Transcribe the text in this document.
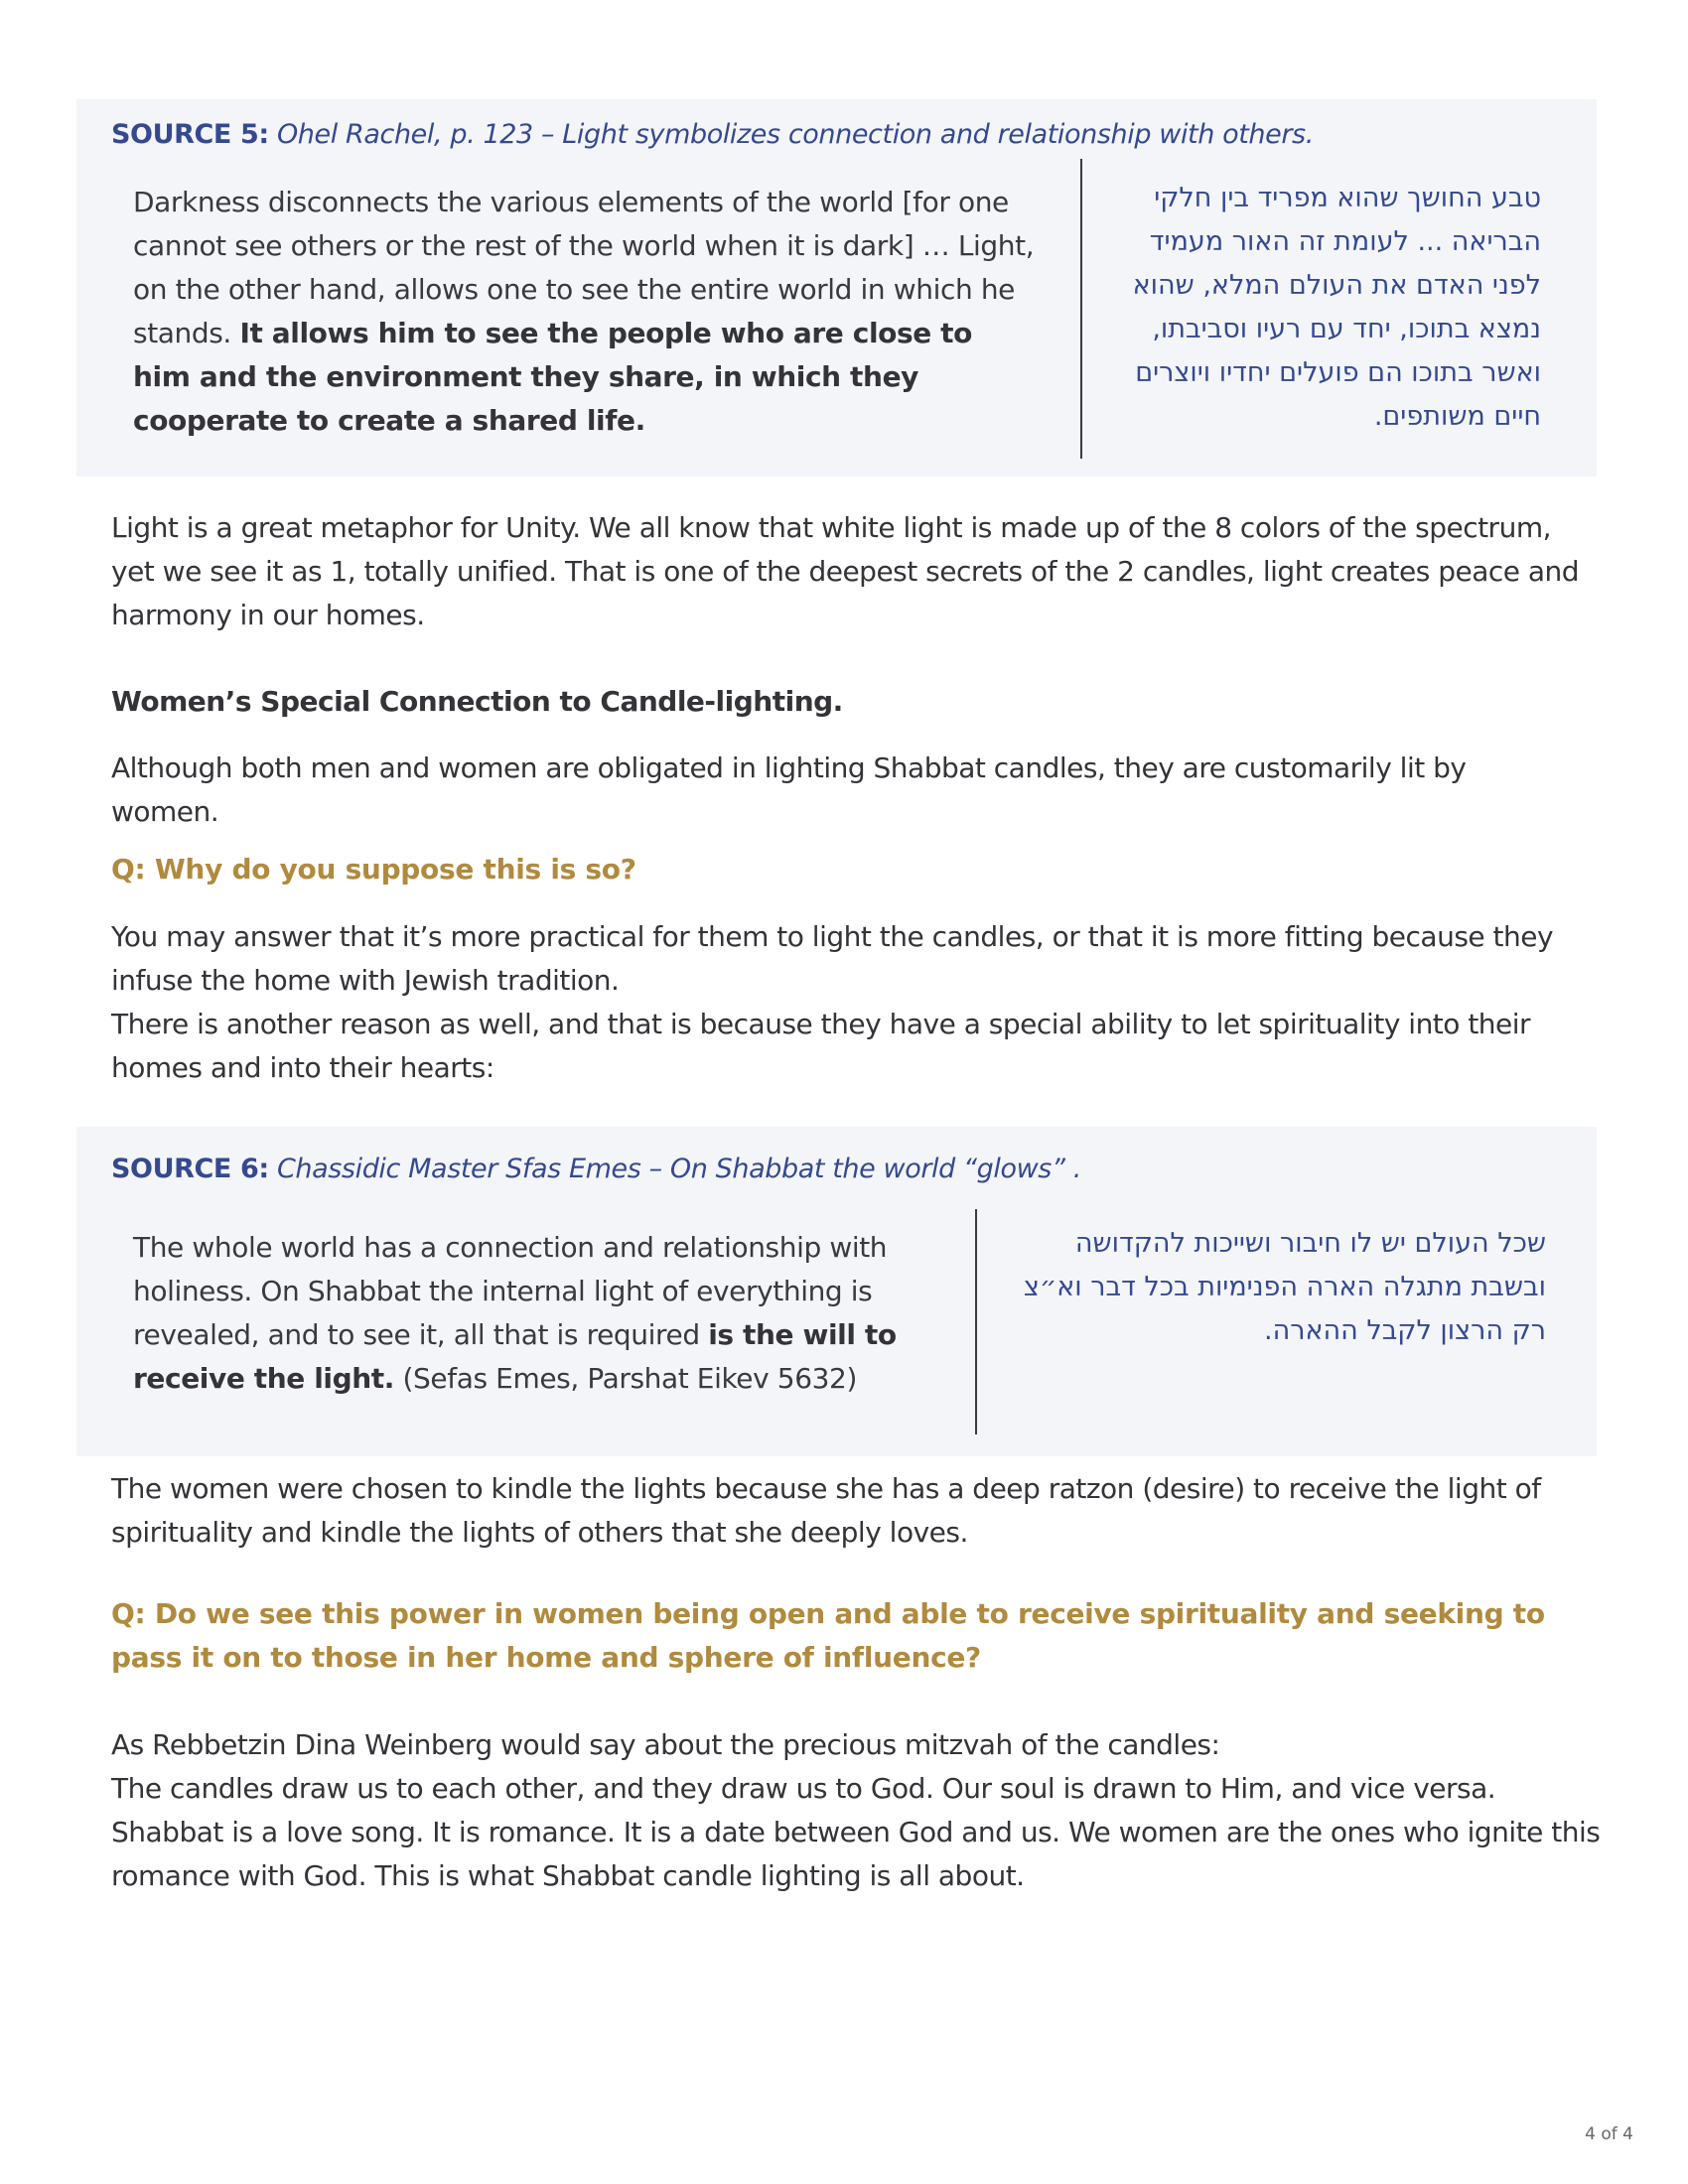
SOURCE 5: Ohel Rachel, p. 123 – Light symbolizes connection and relationship with others.
Darkness disconnects the various elements of the world [for one cannot see others or the rest of the world when it is dark] … Light, on the other hand, allows one to see the entire world in which he stands. It allows him to see the people who are close to him and the environment they share, in which they cooperate to create a shared life.
טבע החושך שהוא מפריד בין חלקי הבריאה ... לעומת זה האור מעמיד לפני האדם את העולם המלא, שהוא נמצא בתוכו, יחד עם רעיו וסביבתו, ואשר בתוכו הם פועלים יחדיו ויוצרים חיים משותפים.
Light is a great metaphor for Unity. We all know that white light is made up of the 8 colors of the spectrum, yet we see it as 1, totally unified. That is one of the deepest secrets of the 2 candles, light creates peace and harmony in our homes.
Women’s Special Connection to Candle-lighting.
Although both men and women are obligated in lighting Shabbat candles, they are customarily lit by women.
Q: Why do you suppose this is so?
You may answer that it’s more practical for them to light the candles, or that it is more fitting because they infuse the home with Jewish tradition.
There is another reason as well, and that is because they have a special ability to let spirituality into their homes and into their hearts:
SOURCE 6: Chassidic Master Sfas Emes – On Shabbat the world “glows” .
The whole world has a connection and relationship with holiness. On Shabbat the internal light of everything is revealed, and to see it, all that is required is the will to receive the light. (Sefas Emes, Parshat Eikev 5632)
שכל העולם יש לו חיבור ושייכות להקדושה ובשבת מתגלה הארה הפנימיות בכל דבר וא״צ רק הרצון לקבל ההארה.
The women were chosen to kindle the lights because she has a deep ratzon (desire) to receive the light of spirituality and kindle the lights of others that she deeply loves.
Q: Do we see this power in women being open and able to receive spirituality and seeking to pass it on to those in her home and sphere of influence?
As Rebbetzin Dina Weinberg would say about the precious mitzvah of the candles:
The candles draw us to each other, and they draw us to God. Our soul is drawn to Him, and vice versa. Shabbat is a love song. It is romance. It is a date between God and us. We women are the ones who ignite this romance with God. This is what Shabbat candle lighting is all about.
4 of 4
